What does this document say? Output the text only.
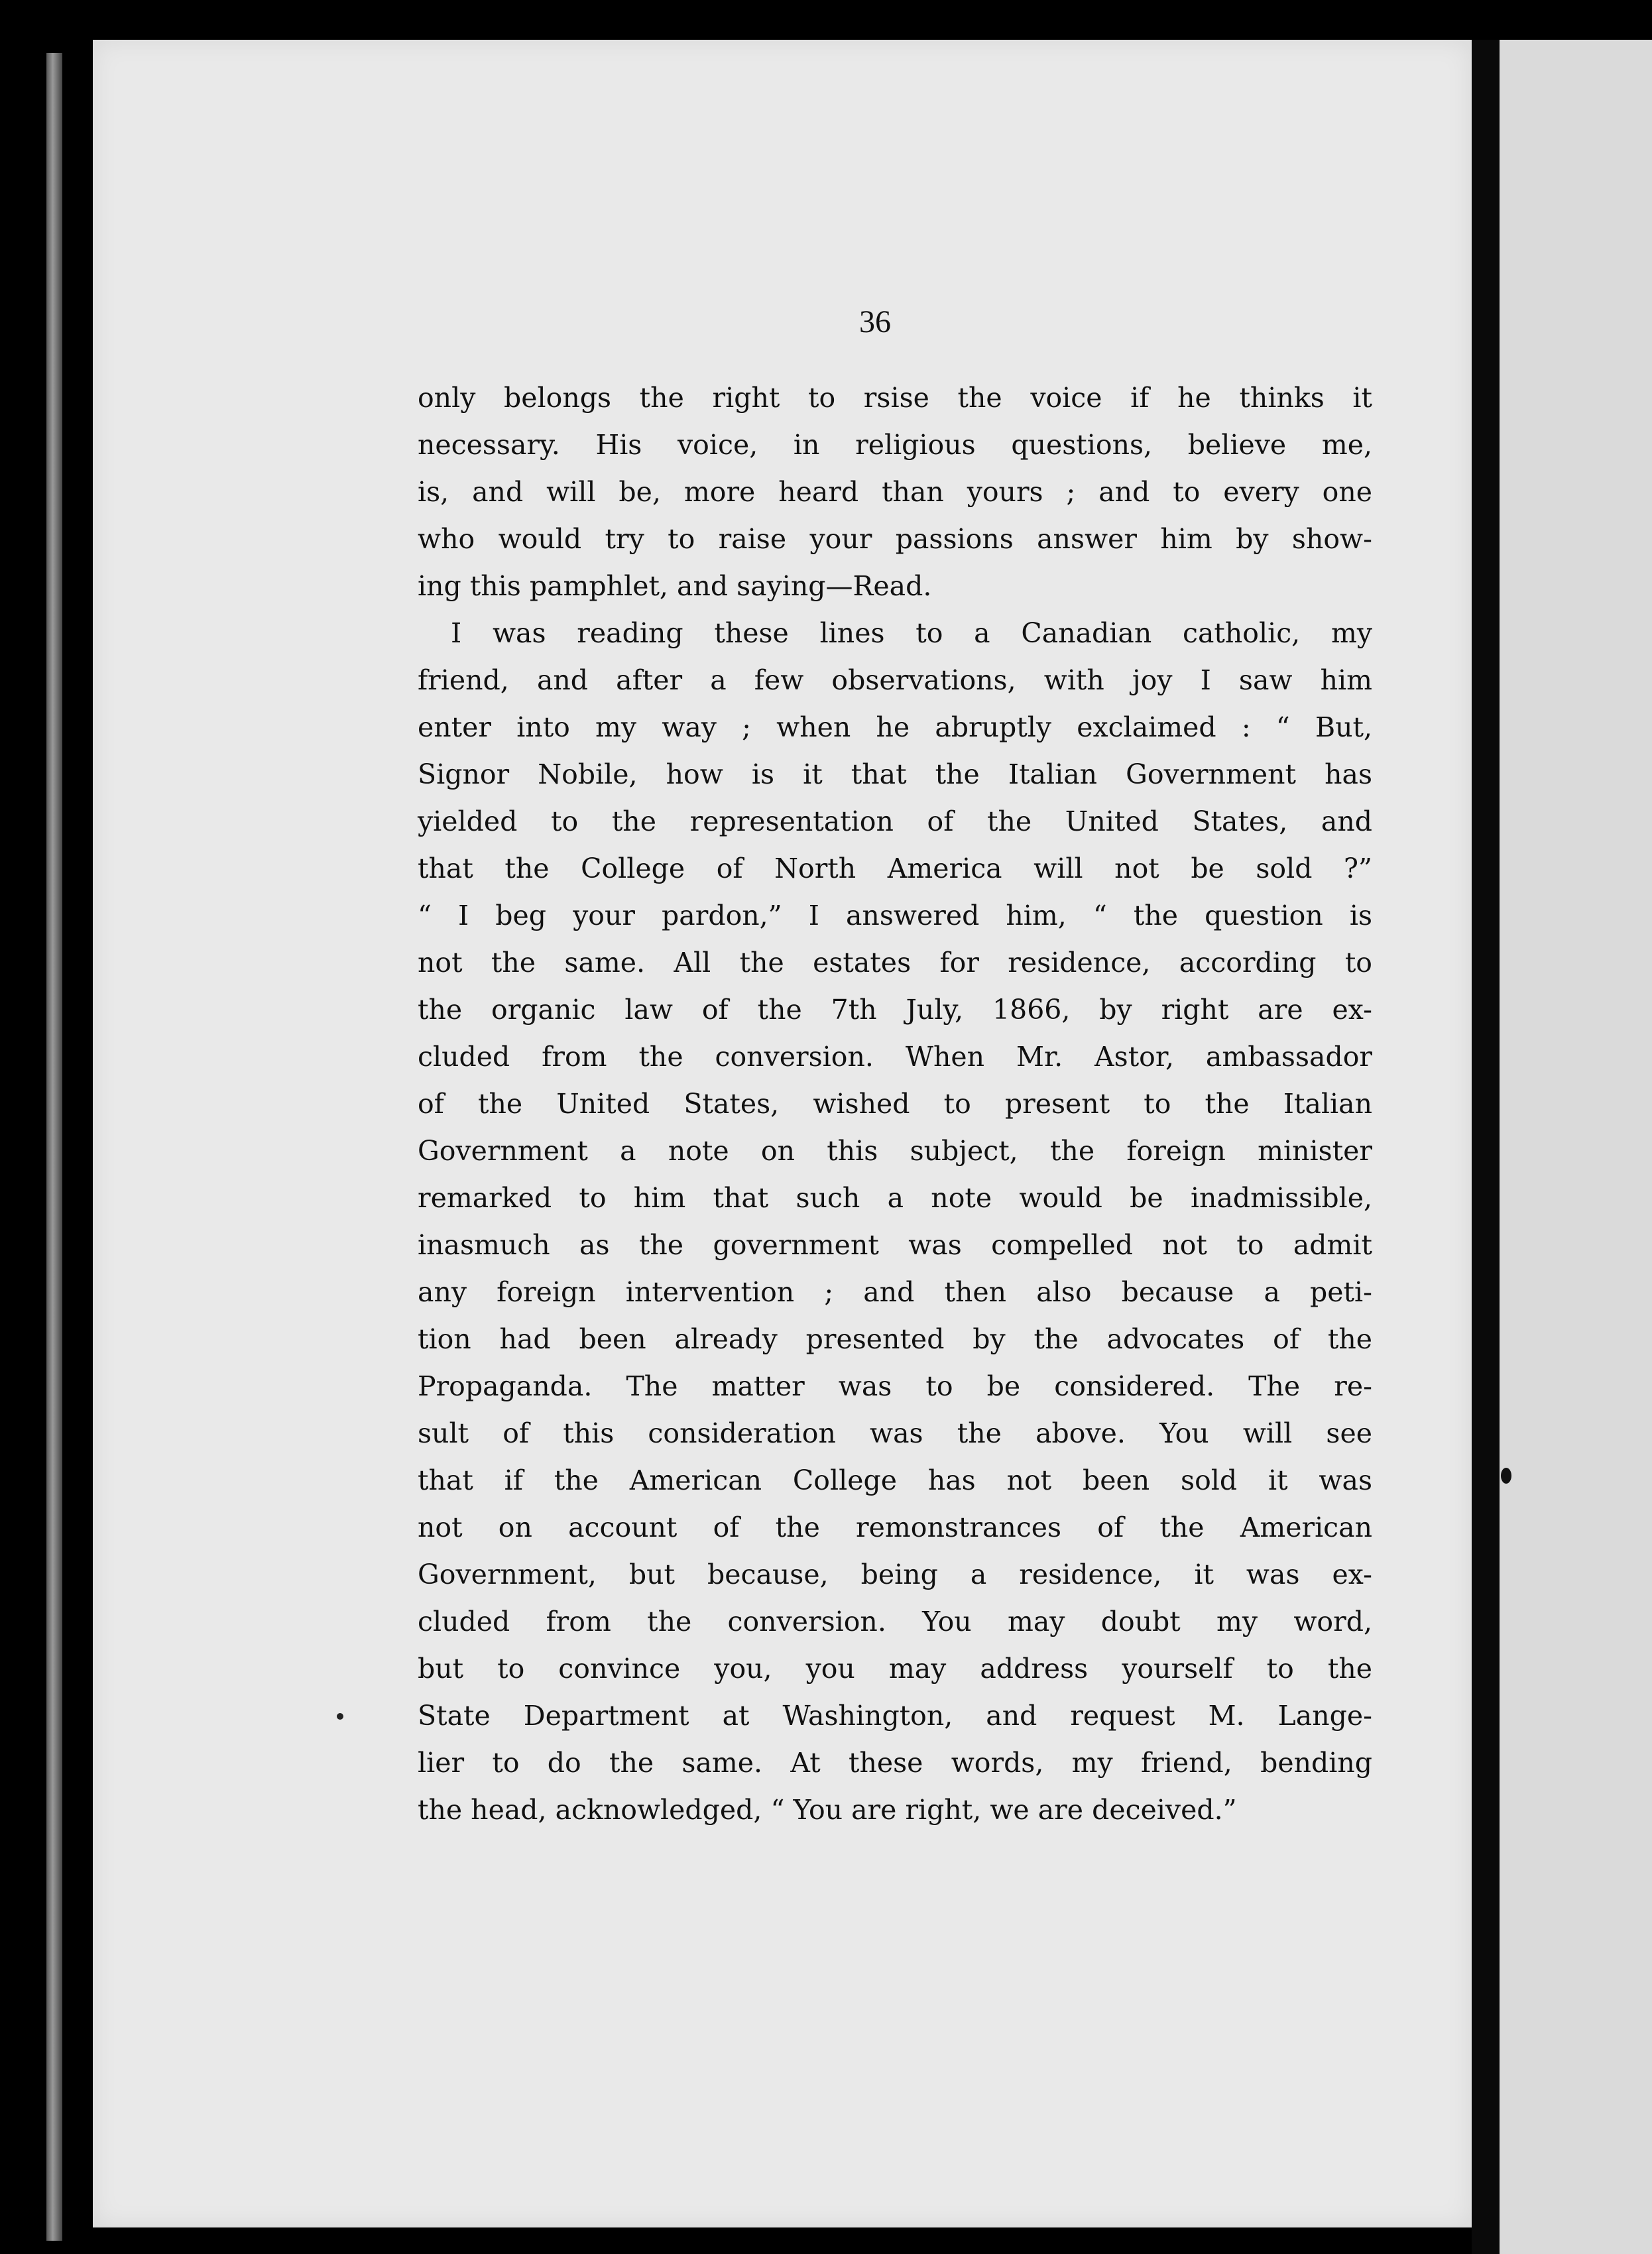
36
only belongs the right to rsise the voice if he thinks it
necessary. His voice, in religious questions, believe me,
is, and will be, more heard than yours ; and to every one
who would try to raise your passions answer him by show-
ing this pamphlet, and saying—Read.
I was reading these lines to a Canadian catholic, my
friend, and after a few observations, with joy I saw him
enter into my way ; when he abruptly exclaimed : “ But,
Signor Nobile, how is it that the Italian Government has
yielded to the representation of the United States, and
that the College of North America will not be sold ?”
“ I beg your pardon,” I answered him, “ the question is
not the same. All the estates for residence, according to
the organic law of the 7th July, 1866, by right are ex-
cluded from the conversion. When Mr. Astor, ambassador
of the United States, wished to present to the Italian
Government a note on this subject, the foreign minister
remarked to him that such a note would be inadmissible,
inasmuch as the government was compelled not to admit
any foreign intervention ; and then also because a peti-
tion had been already presented by the advocates of the
Propaganda. The matter was to be considered. The re-
sult of this consideration was the above. You will see
that if the American College has not been sold it was
not on account of the remonstrances of the American
Government, but because, being a residence, it was ex-
cluded from the conversion. You may doubt my word,
but to convince you, you may address yourself to the
State Department at Washington, and request M. Lange-
lier to do the same. At these words, my friend, bending
the head, acknowledged, “ You are right, we are deceived.”
